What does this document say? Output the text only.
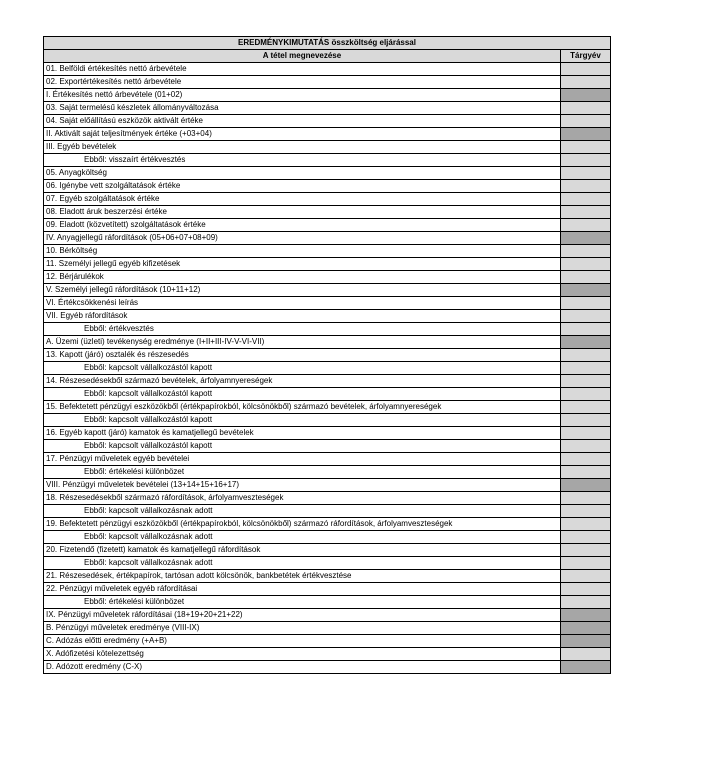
EREDMÉNYKIMUTATÁS összköltség eljárással	
A tétel megnevezése	Tárgyév
01. Belföldi értékesítés nettó árbevétele	
02. Exportértékesítés nettó árbevétele	
I. Értékesítés nettó árbevétele (01+02)	
03. Saját termelésű készletek állományváltozása	
04. Saját előállítású eszközök aktivált értéke	
II. Aktivált saját teljesítmények értéke (+03+04)	
III. Egyéb bevételek	
Ebből: visszaírt értékvesztés	
05. Anyagköltség	
06. Igénybe vett szolgáltatások értéke	
07. Egyéb szolgáltatások értéke	
08. Eladott áruk beszerzési értéke	
09. Eladott (közvetített) szolgáltatások értéke	
IV. Anyagjellegű ráfordítások (05+06+07+08+09)	
10. Bérköltség	
11. Személyi jellegű egyéb kifizetések	
12. Bérjárulékok	
V. Személyi jellegű ráfordítások (10+11+12)	
VI. Értékcsökkenési leírás	
VII. Egyéb ráfordítások	
Ebből: értékvesztés	
A. Üzemi (üzleti) tevékenység eredménye (I+II+III-IV-V-VI-VII)	
13. Kapott (járó) osztalék és részesedés	
Ebből: kapcsolt vállalkozástól kapott	
14. Részesedésekből származó bevételek, árfolyamnyereségek	
Ebből: kapcsolt vállalkozástól kapott	
15. Befektetett pénzügyi eszközökből (értékpapírokból, kölcsönökből) származó bevételek, árfolyamnyereségek	
Ebből: kapcsolt vállalkozástól kapott	
16. Egyéb kapott (járó) kamatok és kamatjellegű bevételek	
Ebből: kapcsolt vállalkozástól kapott	
17. Pénzügyi műveletek egyéb bevételei	
Ebből: értékelési különbözet	
VIII. Pénzügyi műveletek bevételei (13+14+15+16+17)	
18. Részesedésekből származó ráfordítások, árfolyamveszteségek	
Ebből: kapcsolt vállalkozásnak adott	
19. Befektetett pénzügyi eszközökből (értékpapírokból, kölcsönökből) származó ráfordítások, árfolyamveszteségek	
Ebből: kapcsolt vállalkozásnak adott	
20. Fizetendő (fizetett) kamatok és kamatjellegű ráfordítások	
Ebből: kapcsolt vállalkozásnak adott	
21. Részesedések, értékpapírok, tartósan adott kölcsönök, bankbetétek értékvesztése	
22. Pénzügyi műveletek egyéb ráfordításai	
Ebből: értékelési különbözet	
IX. Pénzügyi műveletek ráfordításai (18+19+20+21+22)	
B. Pénzügyi műveletek eredménye (VIII-IX)	
C. Adózás előtti eredmény (+A+B)	
X. Adófizetési kötelezettség	
D. Adózott eredmény (C-X)	
